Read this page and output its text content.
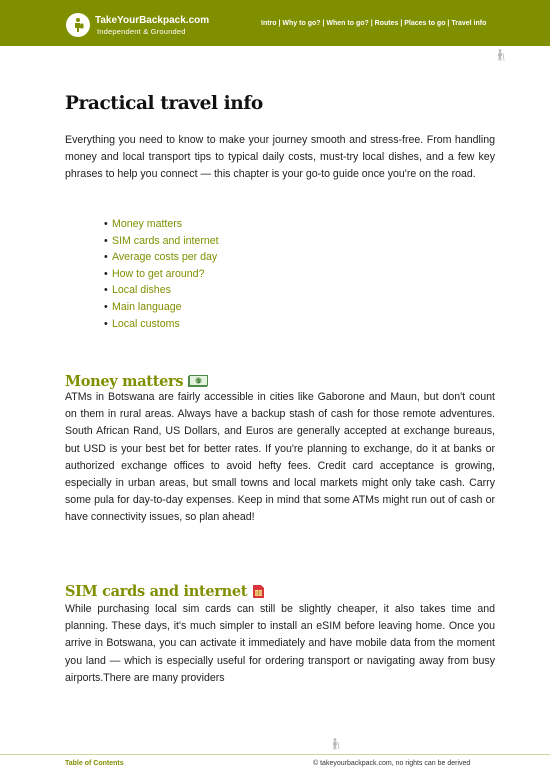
TakeYourBackpack.com
Independent & Grounded
Intro | Why to go? | When to go? | Routes | Places to go | Travel info
Practical travel info

Everything you need to know to make your journey smooth and stress-free. From handling money and local transport tips to typical daily costs, must-try local dishes, and a few key phrases to help you connect — this chapter is your go-to guide once you're on the road.

• Money matters
• SIM cards and internet
• Average costs per day
• How to get around?
• Local dishes
• Main language
• Local customs
Money matters	$

ATMs in Botswana are fairly accessible in cities like Gaborone and Maun, but don't count on them in rural areas. Always have a backup stash of cash for those remote adventures. South African Rand, US Dollars, and Euros are generally accepted at exchange bureaus, but USD is your best bet for better rates. If you're planning to exchange, do it at banks or authorized exchange offices to avoid hefty fees. Credit card acceptance is growing, especially in urban areas, but small towns and local markets might only take cash. Carry some pula for day-to-day expenses. Keep in mind that some ATMs might run out of cash or have connectivity issues, so plan ahead!

SIM cards and internet

While purchasing local sim cards can still be slightly cheaper, it also takes time and planning. These days, it's much simpler to install an eSIM before leaving home. Once you arrive in Botswana, you can activate it immediately and have mobile data from the moment you land — which is especially useful for ordering transport or navigating away from busy airports.There are many providers

Table of Contents	© takeyourbackpack.com, no rights can be derived
